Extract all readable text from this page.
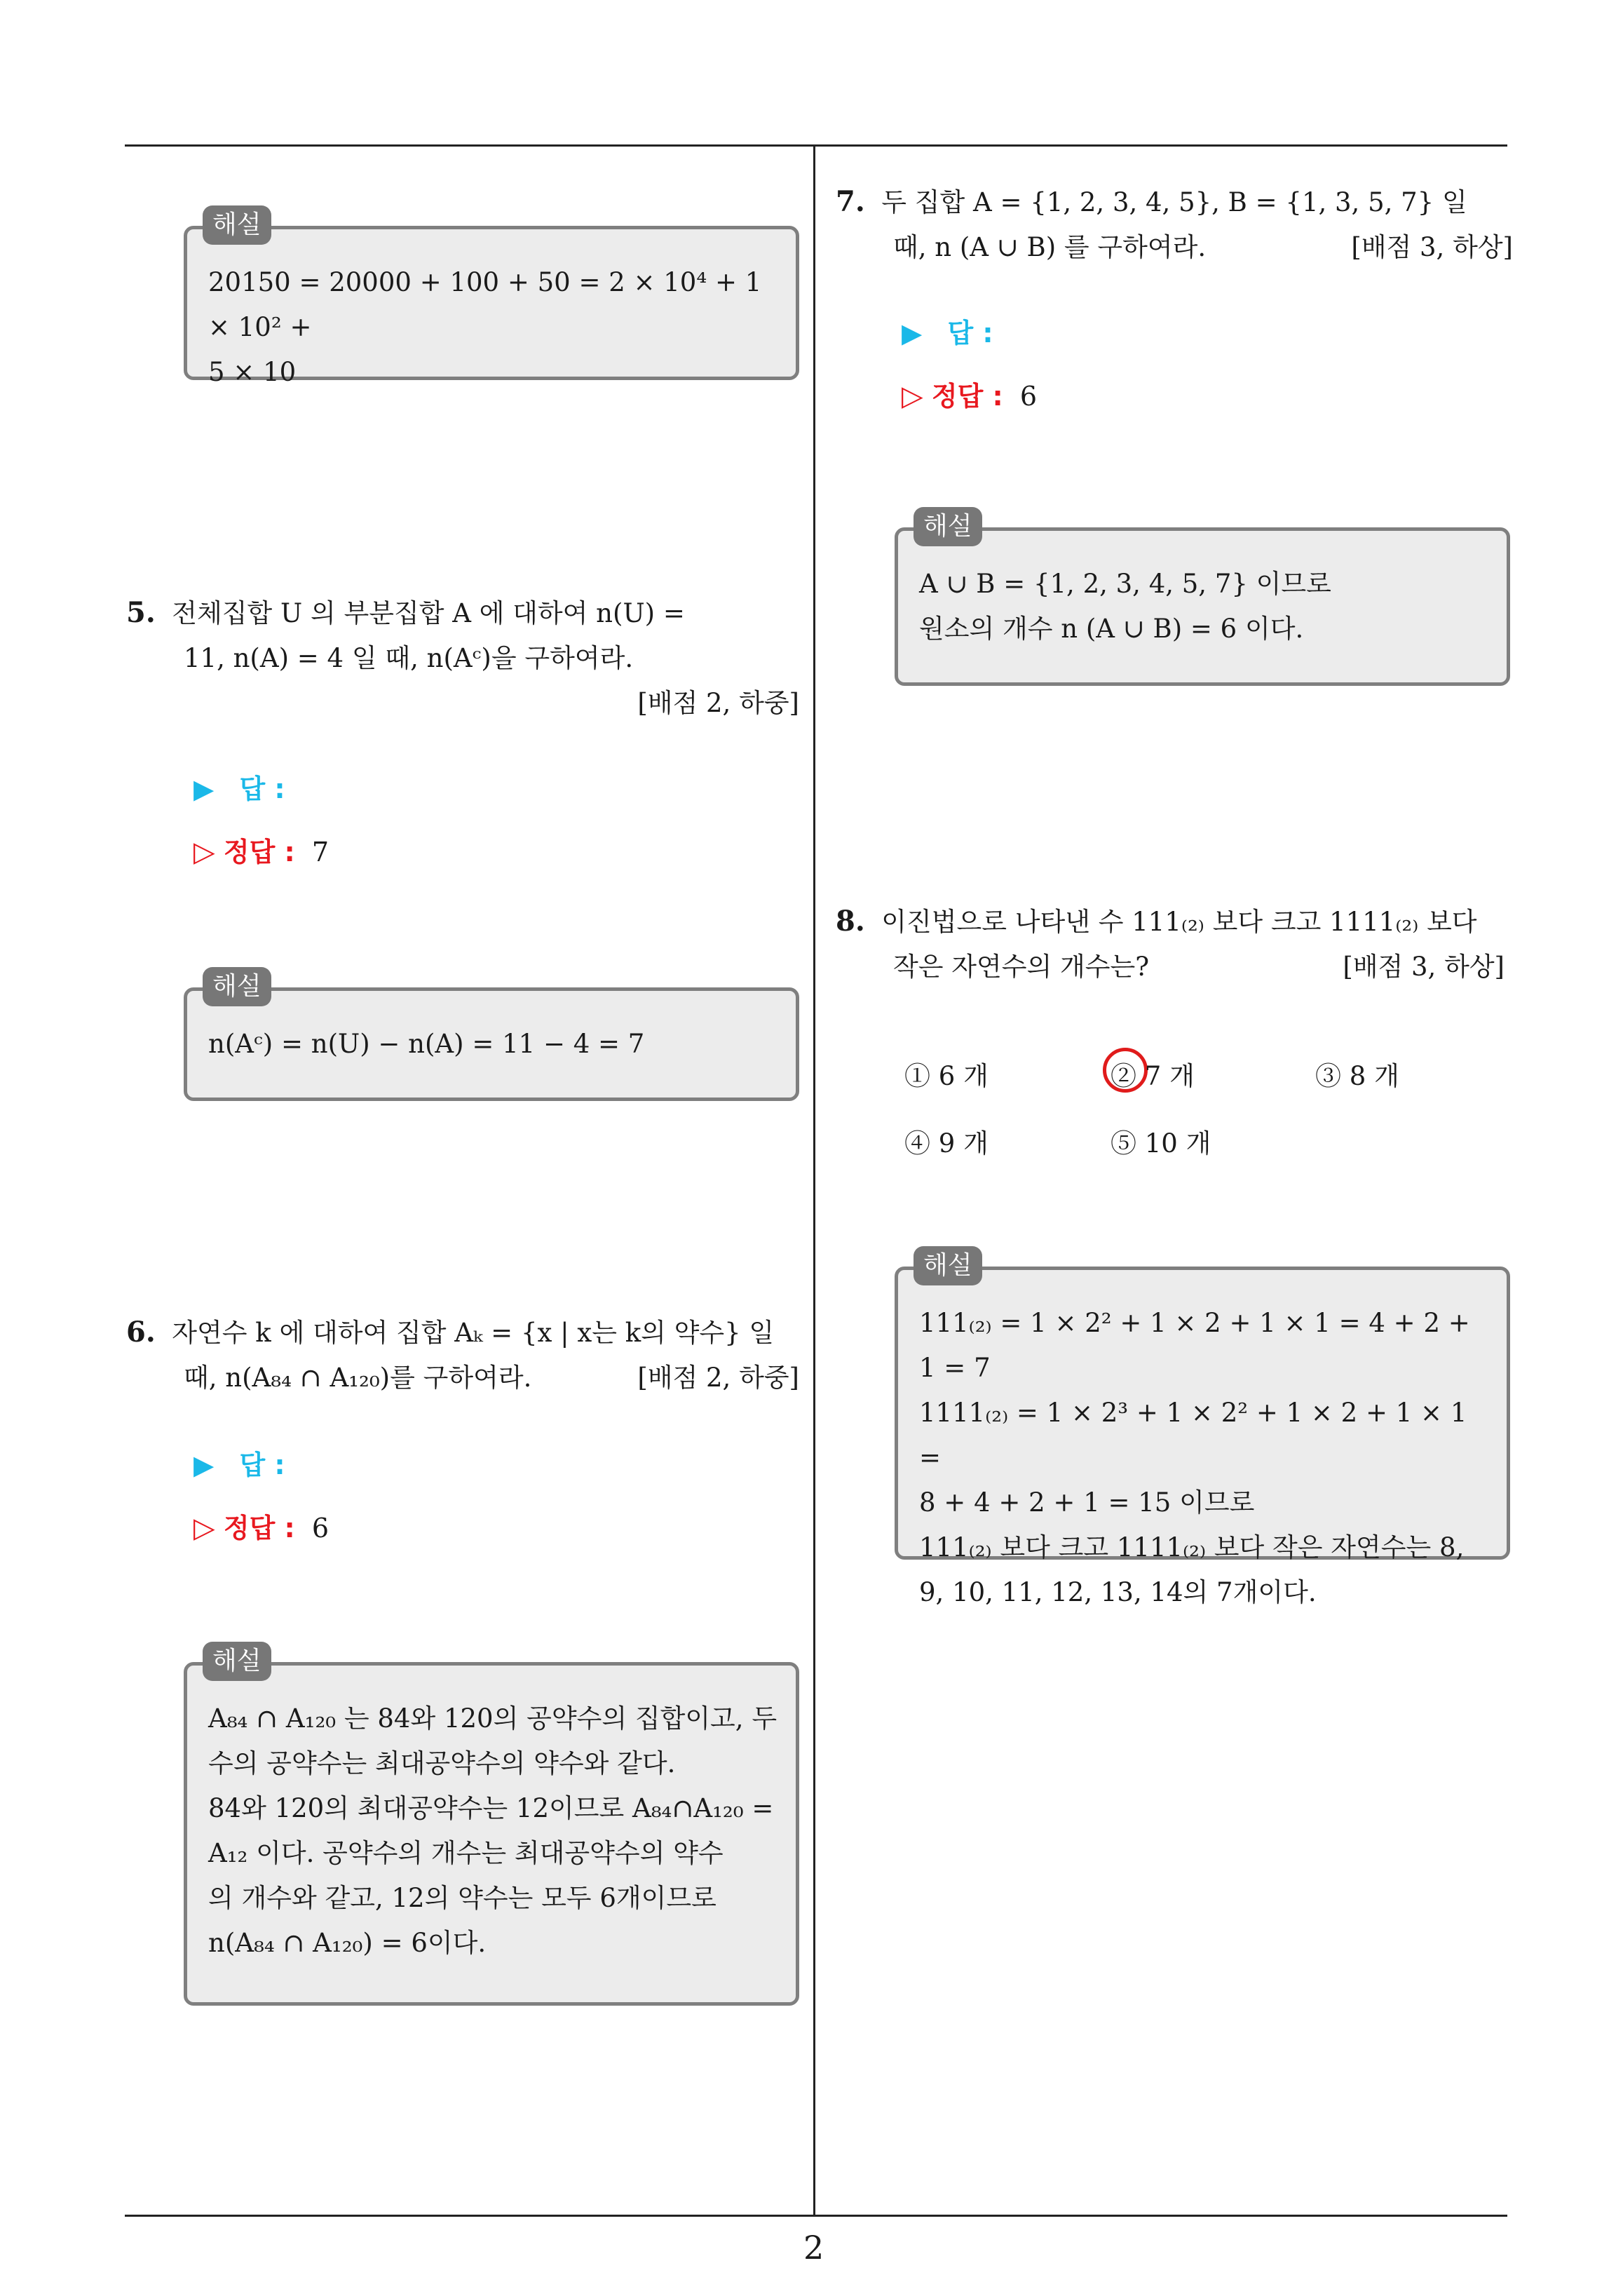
해설
20150 = 20000 + 100 + 50 = 2 × 10⁴ + 1 × 10² +
5 × 10
5. 전체집합 U 의 부분집합 A 에 대하여 n(U) =
11, n(A) = 4 일 때, n(Aᶜ)을 구하여라.
[배점 2, 하중]
▶ 답 :
▷ 정답 : 7
해설
n(Aᶜ) = n(U) − n(A) = 11 − 4 = 7
6. 자연수 k 에 대하여 집합 Aₖ = {x | x는 k의 약수} 일
때, n(A₈₄ ∩ A₁₂₀)를 구하여라.	[배점 2, 하중]
▶ 답 :
▷ 정답 : 6
해설
A₈₄ ∩ A₁₂₀ 는 84와 120의 공약수의 집합이고, 두
수의 공약수는 최대공약수의 약수와 같다.
84와 120의 최대공약수는 12이므로 A₈₄∩A₁₂₀ =
A₁₂ 이다. 공약수의 개수는 최대공약수의 약수
의 개수와 같고, 12의 약수는 모두 6개이므로
n(A₈₄ ∩ A₁₂₀) = 6이다.
7. 두 집합 A = {1, 2, 3, 4, 5}, B = {1, 3, 5, 7} 일
때, n (A ∪ B) 를 구하여라.	[배점 3, 하상]
▶ 답 :
▷ 정답 : 6
해설
A ∪ B = {1, 2, 3, 4, 5, 7} 이므로
원소의 개수 n (A ∪ B) = 6 이다.
8. 이진법으로 나타낸 수 111₍₂₎ 보다 크고 1111₍₂₎ 보다
작은 자연수의 개수는?	[배점 3, 하상]
① 6 개	② 7 개	③ 8 개
④ 9 개	⑤ 10 개
해설
111₍₂₎ = 1 × 2² + 1 × 2 + 1 × 1 = 4 + 2 + 1 = 7
1111₍₂₎ = 1 × 2³ + 1 × 2² + 1 × 2 + 1 × 1 =
8 + 4 + 2 + 1 = 15 이므로
111₍₂₎ 보다 크고 1111₍₂₎ 보다 작은 자연수는 8,
9, 10, 11, 12, 13, 14의 7개이다.
2
